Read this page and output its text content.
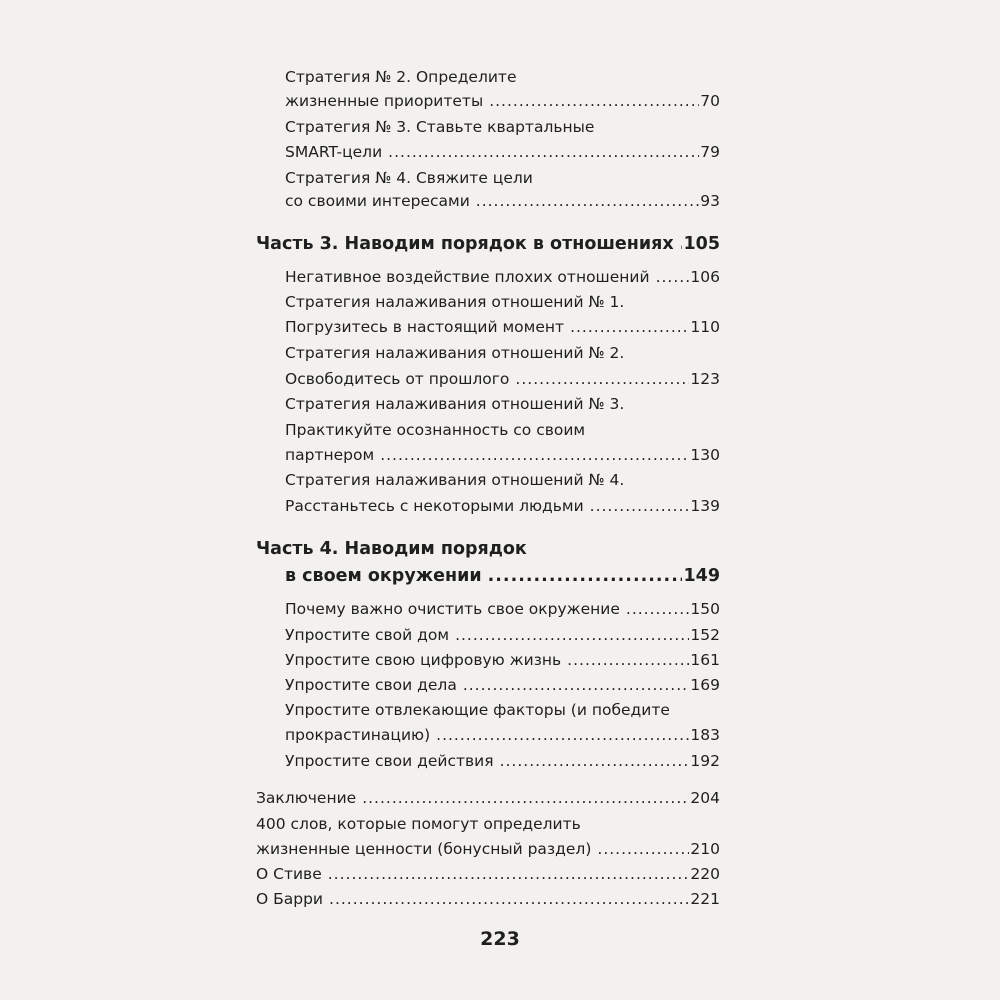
Стратегия № 2. Определите
жизненные приоритеты .....	70
Стратегия № 3. Ставьте квартальные
SMART-цели .....	79
Стратегия № 4. Свяжите цели
со своими интересами .....	93
Часть 3. Наводим порядок в отношениях ..... 105
Негативное воздействие плохих отношений .....	106
Стратегия налаживания отношений № 1.
Погрузитесь в настоящий момент .....	110
Стратегия налаживания отношений № 2.
Освободитесь от прошлого .....	123
Стратегия налаживания отношений № 3.
Практикуйте осознанность со своим
партнером .....	130
Стратегия налаживания отношений № 4.
Расстаньтесь с некоторыми людьми .....	139
Часть 4. Наводим порядок
в своем окружении .....	149
Почему важно очистить свое окружение .....	150
Упростите свой дом .....	152
Упростите свою цифровую жизнь .....	161
Упростите свои дела .....	169
Упростите отвлекающие факторы (и победите
прокрастинацию) .....	183
Упростите свои действия .....	192
Заключение .....	204
400 слов, которые помогут определить
жизненные ценности (бонусный раздел) .....	210
О Стиве .....	220
О Барри .....	221
223
